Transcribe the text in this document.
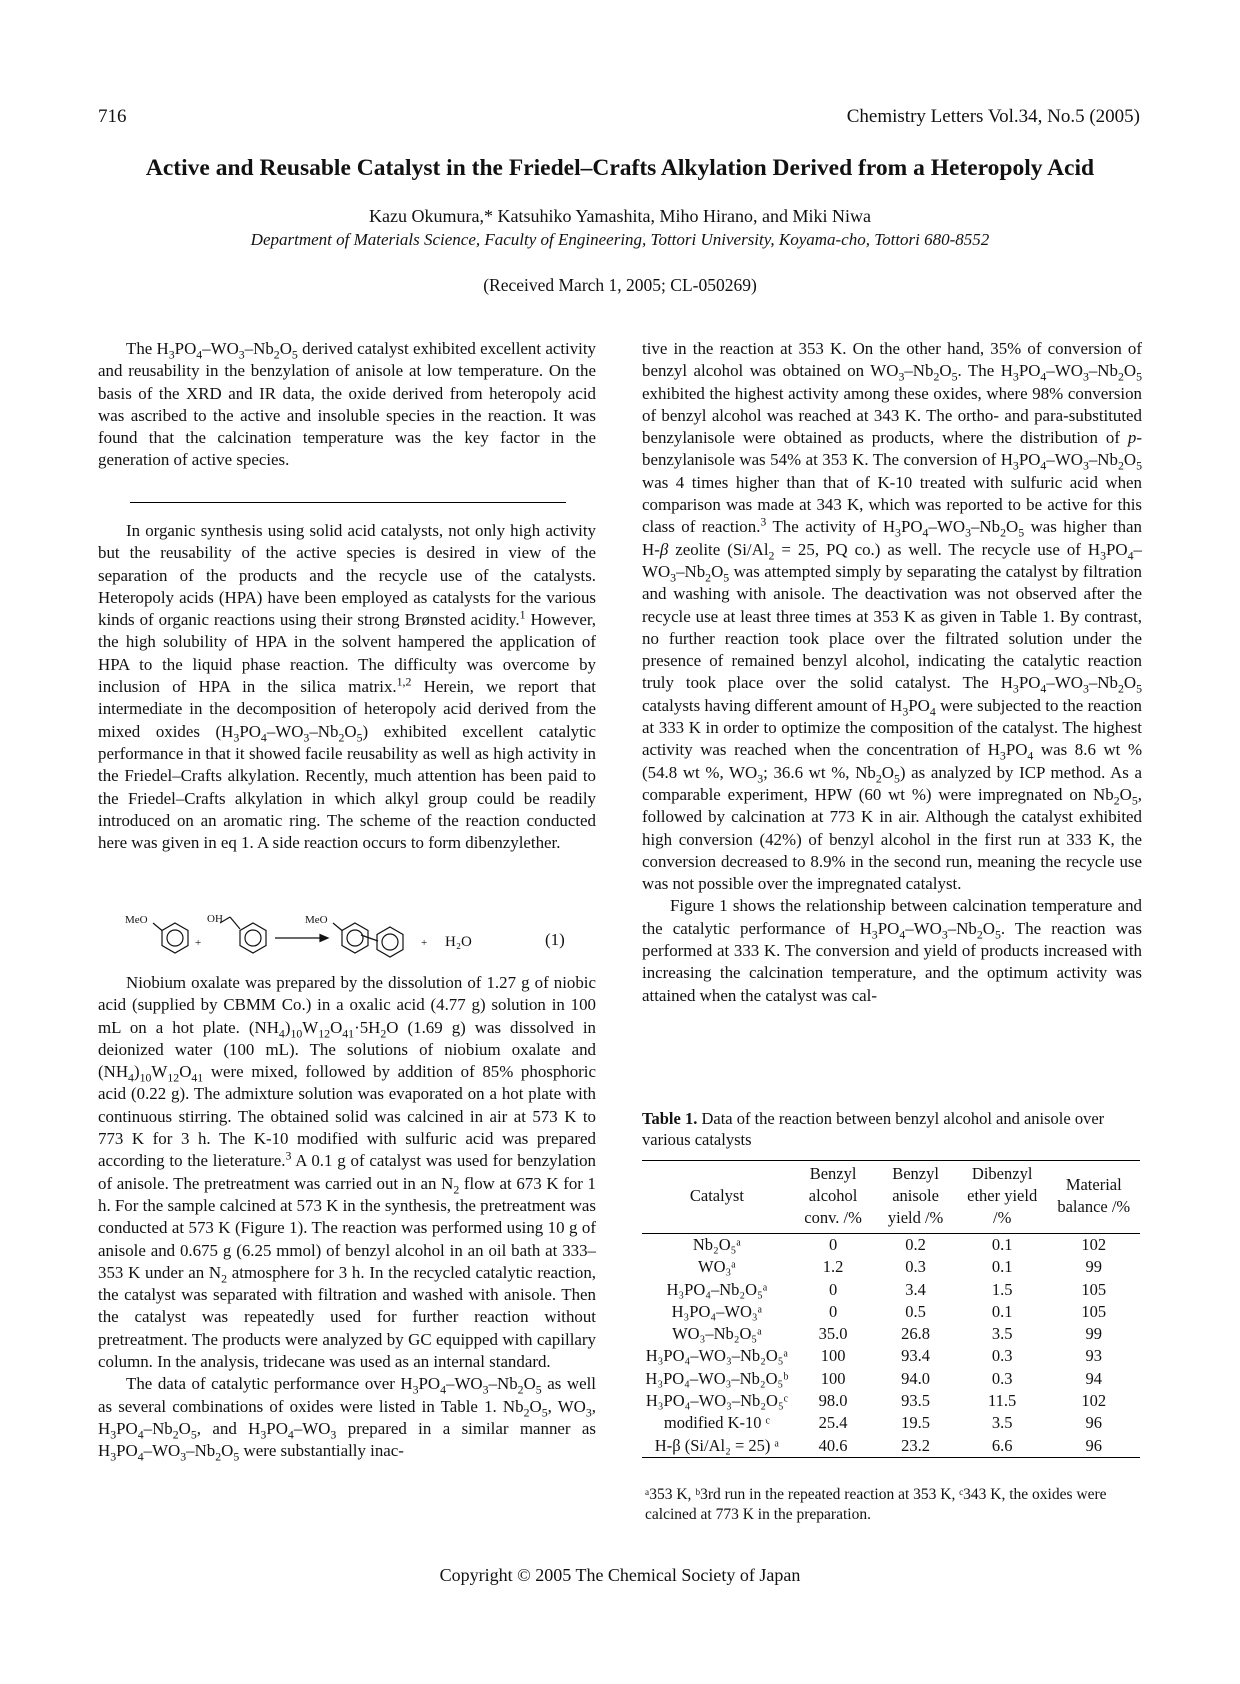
716	Chemistry Letters Vol.34, No.5 (2005)
Active and Reusable Catalyst in the Friedel–Crafts Alkylation Derived from a Heteropoly Acid
Kazu Okumura,* Katsuhiko Yamashita, Miho Hirano, and Miki Niwa
Department of Materials Science, Faculty of Engineering, Tottori University, Koyama-cho, Tottori 680-8552
(Received March 1, 2005; CL-050269)

The $H_3PO_4-WO_3-Nb_2O_5$ derived catalyst exhibited excellent activity and reusability in the benzylation of anisole at low temperature. On the basis of the XRD and IR data, the oxide derived from heteropoly acid was ascribed to the active and insoluble species in the reaction. It was found that the calcination temperature was the key factor in the generation of active species.

In organic synthesis using solid acid catalysts, not only high activity but the reusability of the active species is desired in view of the separation of the products and the recycle use of the catalysts. Heteropoly acids (HPA) have been employed as catalysts for the various kinds of organic reactions using their strong Brønsted acidity.$^1$ However, the high solubility of HPA in the solvent hampered the application of HPA to the liquid phase reaction. The difficulty was overcome by inclusion of HPA in the silica matrix.$^{1,2}$ Herein, we report that intermediate in the decomposition of heteropoly acid derived from the mixed oxides $(H_3PO_4-WO_3-Nb_2O_5)$ exhibited excellent catalytic performance in that it showed facile reusability as well as high activity in the Friedel–Crafts alkylation. Recently, much attention has been paid to the Friedel–Crafts alkylation in which alkyl group could be readily introduced on an aromatic ring. The scheme of the reaction conducted here was given in eq 1. A side reaction occurs to form dibenzylether.

MeO
+
OH	MeO
+ H₂O	(1)

Niobium oxalate was prepared by the dissolution of 1.27 g of niobic acid (supplied by CBMM Co.) in a oxalic acid (4.77 g) solution in 100 mL on a hot plate. $(NH_4)_{10}W_{12}O_{41}\cdot 5H_2O$ (1.69 g) was dissolved in deionized water (100 mL). The solutions of niobium oxalate and $(NH_4)_{10}W_{12}O_{41}$ were mixed, followed by addition of 85% phosphoric acid (0.22 g). The admixture solution was evaporated on a hot plate with continuous stirring. The obtained solid was calcined in air at 573 K to 773 K for 3 h. The K-10 modified with sulfuric acid was prepared according to the lieterature.$^3$ A 0.1 g of catalyst was used for benzylation of anisole. The pretreatment was carried out in an $N_2$ flow at 673 K for 1 h. For the sample calcined at 573 K in the synthesis, the pretreatment was conducted at 573 K (Figure 1). The reaction was performed using 10 g of anisole and 0.675 g (6.25 mmol) of benzyl alcohol in an oil bath at 333–353 K under an $N_2$ atmosphere for 3 h. In the recycled catalytic reaction, the catalyst was separated with filtration and washed with anisole. Then the catalyst was repeatedly used for further reaction without pretreatment. The products were analyzed by GC equipped with capillary column. In the analysis, tridecane was used as an internal standard.

The data of catalytic performance over $H_3PO_4-WO_3-Nb_2O_5$ as well as several combinations of oxides were listed in Table 1. $Nb_2O_5$, $WO_3$, $H_3PO_4-Nb_2O_5$, and $H_3PO_4-WO_3$ prepared in a similar manner as $H_3PO_4-WO_3-Nb_2O_5$ were substantially inac-

tive in the reaction at 353 K. On the other hand, 35% of conversion of benzyl alcohol was obtained on $WO_3-Nb_2O_5$. The $H_3PO_4-WO_3-Nb_2O_5$ exhibited the highest activity among these oxides, where 98% conversion of benzyl alcohol was reached at 343 K. The ortho- and para-substituted benzylanisole were obtained as products, where the distribution of p-benzylanisole was 54% at 353 K. The conversion of $H_3PO_4-WO_3-Nb_2O_5$ was 4 times higher than that of K-10 treated with sulfuric acid when comparison was made at 343 K, which was reported to be active for this class of reaction.$^3$ The activity of $H_3PO_4-WO_3-Nb_2O_5$ was higher than H-β zeolite ($Si/Al_2 = 25$, PQ co.) as well. The recycle use of $H_3PO_4-WO_3-Nb_2O_5$ was attempted simply by separating the catalyst by filtration and washing with anisole. The deactivation was not observed after the recycle use at least three times at 353 K as given in Table 1. By contrast, no further reaction took place over the filtrated solution under the presence of remained benzyl alcohol, indicating the catalytic reaction truly took place over the solid catalyst. The $H_3PO_4-WO_3-Nb_2O_5$ catalysts having different amount of $H_3PO_4$ were subjected to the reaction at 333 K in order to optimize the composition of the catalyst. The highest activity was reached when the concentration of $H_3PO_4$ was 8.6 wt % (54.8 wt %, $WO_3$; 36.6 wt %, $Nb_2O_5$) as analyzed by ICP method. As a comparable experiment, HPW (60 wt %) were impregnated on $Nb_2O_5$, followed by calcination at 773 K in air. Although the catalyst exhibited high conversion (42%) of benzyl alcohol in the first run at 333 K, the conversion decreased to 8.9% in the second run, meaning the recycle use was not possible over the impregnated catalyst.

Figure 1 shows the relationship between calcination temperature and the catalytic performance of $H_3PO_4-WO_3-Nb_2O_5$. The reaction was performed at 333 K. The conversion and yield of products increased with increasing the calcination temperature, and the optimum activity was attained when the catalyst was cal-

Table 1. Data of the reaction between benzyl alcohol and anisole over various catalysts
Catalyst	Benzyl alcohol conv. /%	Benzyl anisole yield /%	Dibenzyl ether yield /%	Material balance /%
Nb₂O₅ᵃ	0	0.2	0.1	102
WO₃ᵃ	1.2	0.3	0.1	99
H₃PO₄–Nb₂O₅ᵃ	0	3.4	1.5	105
H₃PO₄–WO₃ᵃ	0	0.5	0.1	105
WO₃–Nb₂O₅ᵃ	35.0	26.8	3.5	99
H₃PO₄–WO₃–Nb₂O₅ᵃ	100	93.4	0.3	93
H₃PO₄–WO₃–Nb₂O₅ᵇ	100	94.0	0.3	94
H₃PO₄–WO₃–Nb₂O₅ᶜ	98.0	93.5	11.5	102
modified K-10 ᶜ	25.4	19.5	3.5	96
H-β (Si/Al₂ = 25) ᵃ	40.6	23.2	6.6	96
ᵃ353 K, ᵇ3rd run in the repeated reaction at 353 K, ᶜ343 K, the oxides were calcined at 773 K in the preparation.
Copyright © 2005 The Chemical Society of Japan
